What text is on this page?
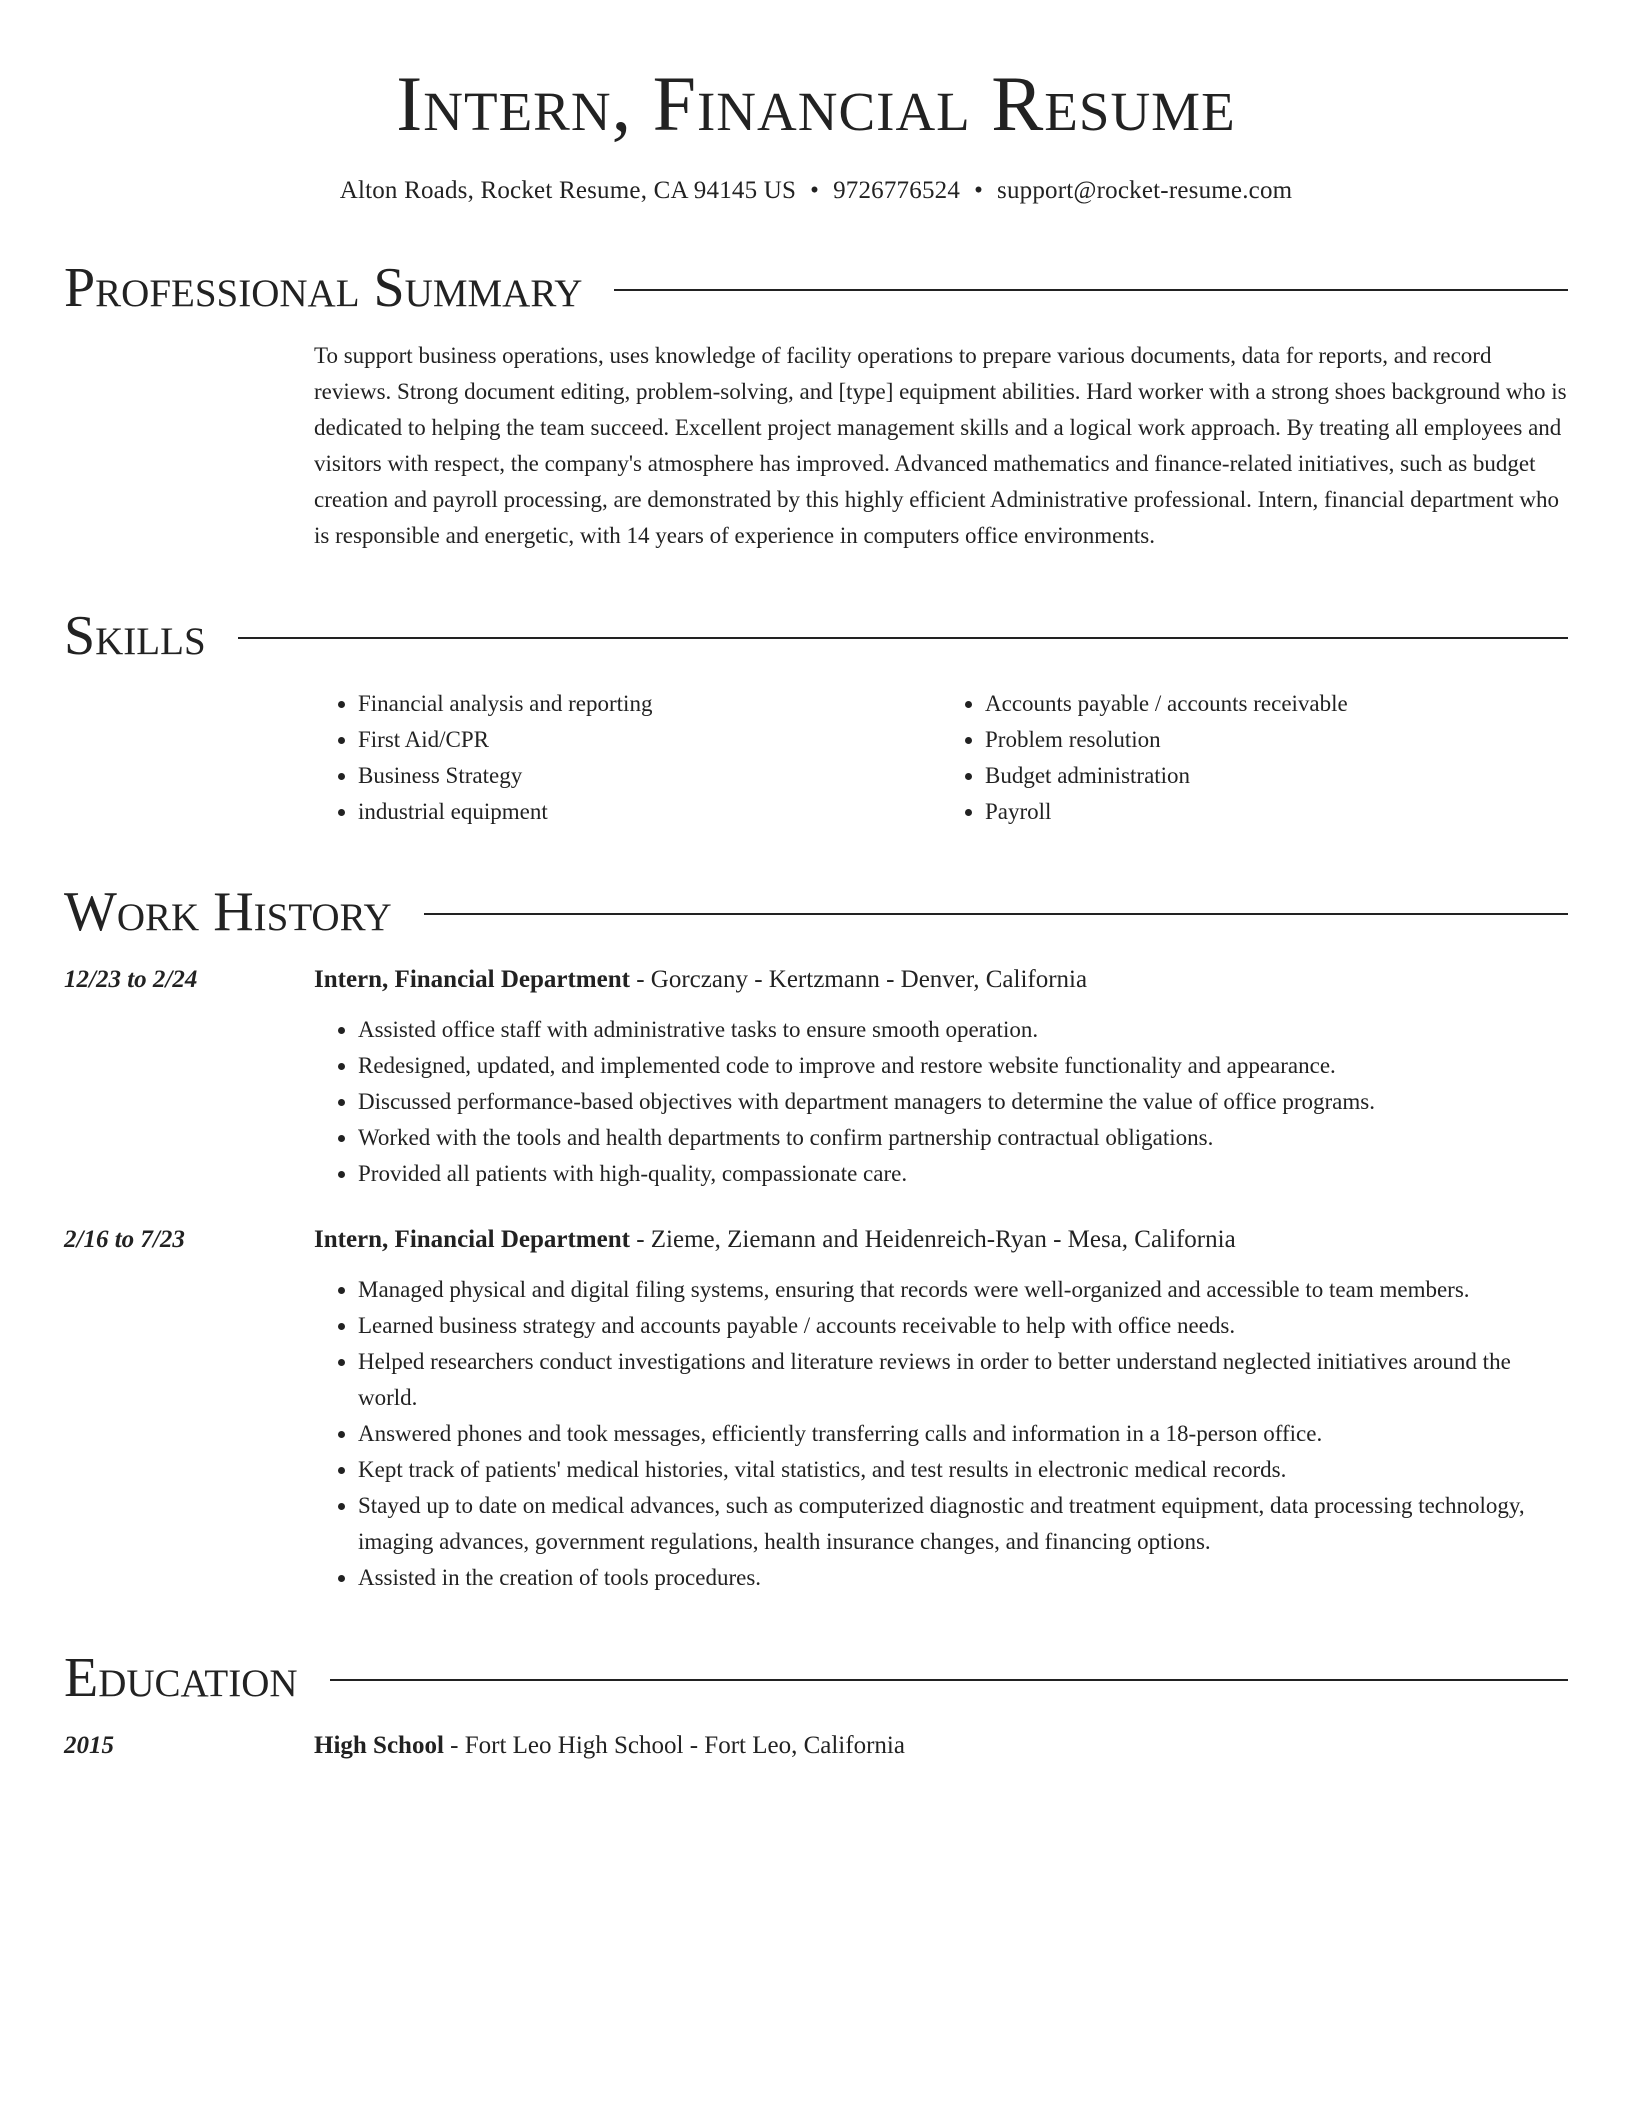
Intern, Financial Resume
Alton Roads, Rocket Resume, CA 94145 US • 9726776524 • support@rocket-resume.com
Professional Summary

To support business operations, uses knowledge of facility operations to prepare various documents, data for reports, and record reviews. Strong document editing, problem-solving, and [type] equipment abilities. Hard worker with a strong shoes background who is dedicated to helping the team succeed. Excellent project management skills and a logical work approach. By treating all employees and visitors with respect, the company's atmosphere has improved. Advanced mathematics and finance-related initiatives, such as budget creation and payroll processing, are demonstrated by this highly efficient Administrative professional. Intern, financial department who is responsible and energetic, with 14 years of experience in computers office environments.

Skills
• Financial analysis and reporting
• First Aid/CPR
• Business Strategy
• industrial equipment
• Accounts payable / accounts receivable
• Problem resolution
• Budget administration
• Payroll
Work History
12/23 to 2/24	Intern, Financial Department - Gorczany - Kertzmann - Denver, California
• Assisted office staff with administrative tasks to ensure smooth operation.
• Redesigned, updated, and implemented code to improve and restore website functionality and appearance.
• Discussed performance-based objectives with department managers to determine the value of office programs.
• Worked with the tools and health departments to confirm partnership contractual obligations.
• Provided all patients with high-quality, compassionate care.
2/16 to 7/23	Intern, Financial Department - Zieme, Ziemann and Heidenreich-Ryan - Mesa, California
• Managed physical and digital filing systems, ensuring that records were well-organized and accessible to team members.
• Learned business strategy and accounts payable / accounts receivable to help with office needs.
• Helped researchers conduct investigations and literature reviews in order to better understand neglected initiatives around the world.
• Answered phones and took messages, efficiently transferring calls and information in a 18-person office.
• Kept track of patients' medical histories, vital statistics, and test results in electronic medical records.
• Stayed up to date on medical advances, such as computerized diagnostic and treatment equipment, data processing technology, imaging advances, government regulations, health insurance changes, and financing options.
• Assisted in the creation of tools procedures.
Education
2015	High School - Fort Leo High School - Fort Leo, California
